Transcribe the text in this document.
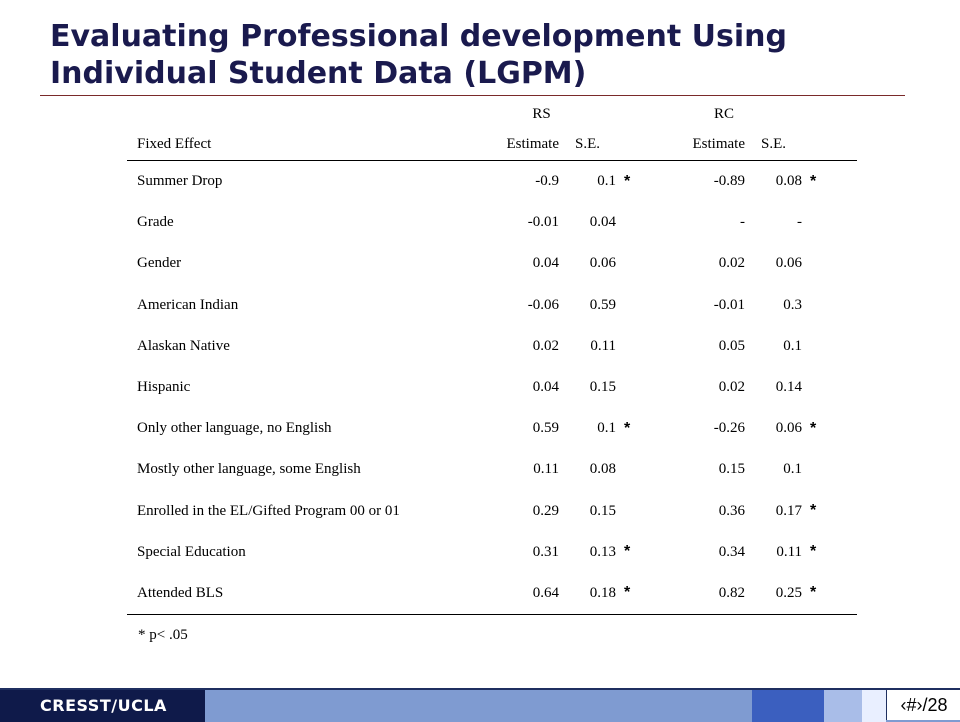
Evaluating Professional development Using Individual Student Data (LGPM)
	RS			RC		
Fixed Effect	Estimate	S.E.		Estimate	S.E.	
Summer Drop	-0.9	0.1	*	-0.89	0.08	*
Grade	-0.01	0.04		-	-	
Gender	0.04	0.06		0.02	0.06	
American Indian	-0.06	0.59		-0.01	0.3	
Alaskan Native	0.02	0.11		0.05	0.1	
Hispanic	0.04	0.15		0.02	0.14	
Only other language, no English	0.59	0.1	*	-0.26	0.06	*
Mostly other language, some English	0.11	0.08		0.15	0.1	
Enrolled in the EL/Gifted Program 00 or 01	0.29	0.15		0.36	0.17	*
Special Education	0.31	0.13	*	0.34	0.11	*
Attended BLS	0.64	0.18	*	0.82	0.25	*
* p< .05
CRESST/UCLA	‹#›/28
